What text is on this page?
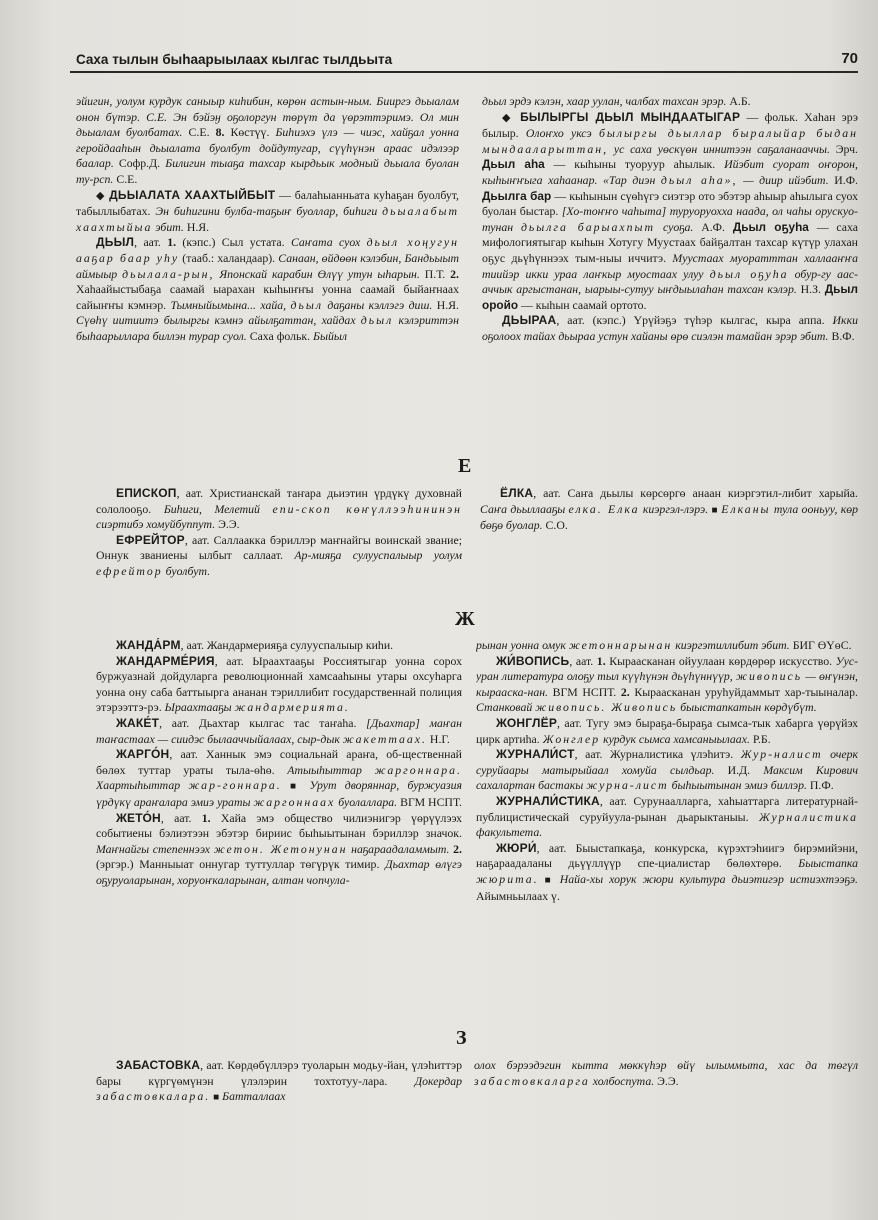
Саха тылын быһаарыылаах кылгас тылдьыта	70

эйигин, уолум курдук саныыр киһибин, көрөн астын-ным. Бииргэ дьыалам онон бүтэр. С.Е. Эн бэйэӈ оҕолоргун төрүт да үөрэттэримэ. Ол мин дьыалам буолбатах. С.Е. 8. Көстүү. Биһиэхэ үлэ — чиэс, хайҕал уонна геройдааһын дьыалата буолбут дойдутугар, сүүһүнэн араас идэлээр баалар. Софр.Д. Билигин тыаҕа тахсар кырдьык модный дьыала буолан ту-рсп. С.Е.

◆ ДЬЫАЛАТА ХААХТЫЙБЫТ — балаһыанньата куһаҕан буолбут, табыллыбатах. Эн биһигини булба-таҕыҥ буоллар, биһиги дьыалабыт хаахтыйыа эбит. Н.Я.

ДЬЫЛ, аат. 1. (кэпс.) Сыл устата. Саҥата суох дьыл хоңугун ааҕар баар уһу (тааб.: халандаар). Санаан, өйдөөн кэлэбин, Бандьыыт аймыыр дьылала-рын, Японскай карабин Өлүү утун ыһарын. П.Т. 2. Хаһаайыстыбаҕа саамай ыарахан кыһыҥҥы уонна саамай быйаҥнаах сайыҥҥы кэмнэр. Тымныйымына... хайа, дьыл даҕаны кэллэгэ диш. Н.Я. Сүөһү иитиитэ былыргы кэмнэ айылҕаттан, хайдах дьыл кэлэриттэн быһаарыллара биллэн турар суол. Саха фольк. Быйыл

дьыл эрдэ кэлэн, хаар уулан, чалбах тахсан эрэр. А.Б.

◆ БЫЛЫРГЫ ДЬЫЛ МЫНДААТЫГАР — фольк. Хаһан эрэ былыр. Олоҥхо уксэ былыргы дьыллар быралыйар быдан мындааларыттан, ус саха уөскүөн иннитээн саҕаланааччы. Эрч. Дьыл аһа — кыһыны туоруур аһылык. Ийэбит суорат оҥорон, кыһыҥҥыга хаһаанар. «Тар диэн дьыл аһа», — диир ийэбит. И.Ф. Дьылга бар — кыһынын сүөһүгэ сиэтэр ото эбэтэр аһыыр аһылыга суох буолан быстар. [Хо-тоҥҥо чаһыта] туруоруохха наада, ол чаһы орускуо-тунан дьылга барыахпыт суоҕа. А.Ф. Дьыл оҕуһа — саха мифологиятыгар кыһын Хотугу Муустаах байҕалтан тахсар күтүр улахан оҕус дьүһүннээх тым-ныы иччитэ. Муустаах муоратттан халлааҥҥа тиийэр икки ураа лаҥкыр муостаах улуу дьыл оҕуһа обур-гу аас-аччык аргыстанан, ыарыы-сутуу ыҥдыылаһан тахсан кэлэр. Н.З. Дьыл оройо — кыһын саамай ортото.

ДЬЫРАА, аат. (кэпс.) Үрүйэҕэ түһэр кылгас, кыра аппа. Икки оҕолоох тайах дьыраа устун хайаны өрө сиэлэн тамайан эрэр эбит. В.Ф.

Е

ЕПИСКОП, аат. Христианскай таҥара дьиэтин үрдүкү духовнай сололооҕо. Биһиги, Мелетий епи-скоп көҥүллээһининэн сиэртибэ хомуйбуппут. Э.Э.

ЕФРЕЙТОР, аат. Саллааккa бэриллэр маҥнайгы воинскай звание; Оннук званиены ылбыт саллаат. Ар-мияҕа сулууспалыыр уолум ефрейтор буолбут.

ЁЛКА, аат. Саҥа дьылы көрсөргө анаан киэргэтил-либит харыйа. Саҥа дьыллааҕы елка. Елка киэргэл-лэрэ. ■ Елканы тула ооньуу, көр бөҕө буолар. С.О.

Ж

ЖАНДА́РМ, аат. Жандармерияҕа сулууспалыыр киһи.

ЖАНДАРМЕ́РИЯ, аат. Ыраахтааҕы Россиятыгар уонна сорох буржуазнай дойдуларга революционнай хамсааһыны утары охсуһарга уонна ону саба баттыырга ананан тэриллибит государственнай полиция этэрээттэ-рэ. Ыраахтааҕы жандармерията.

ЖАКЕ́Т, аат. Дьахтар кылгас тас таҥаһа. [Дьахтар] маҥан таҥастаах — сиидэс былааччыйалаах, сыр-дык жакеттаах. Н.Г.

ЖАРГО́Н, аат. Ханнык эмэ социальнай араҥа, об-щественнай бөлөх туттар ураты тыла-өһө. Атыыһыттар жаргоннара. Хаартыһыттар жар-гоннара. ■ Урут дворяннар, буржуазия үрдүкү араҥалара эмиэ ураты жаргоннаах буолаллара. ВГМ НСПТ.

ЖЕТО́Н, аат. 1. Хайа эмэ общество чилиэнигэр үөрүүлээх событиены бэлиэтээн эбэтэр бириис быһыытынан бэриллэр значок. Маҥнайгы степеннээх жетон. Жетонунан наҕараадаламмыт. 2. (эргэр.) Манныыат оннугар туттуллар төгүрүк тимир. Дьахтар өлүгэ оҕуруоларынан, хоруоҥкаларынан, алтан чопчула-

рынан уонна омук жетоннарынан киэргэтиллибит эбит. БИГ ӨҮөС.

ЖИ́ВОПИСЬ, аат. 1. Кыраасканан ойуулаан көрдөрөр искусство. Уус-уран литература олоҕу тыл күүһүнэн дьүһүннүүр, живопись — өҥүнэн, кырааска-нан. ВГМ НСПТ. 2. Кыраасканан уруһуйдаммыт хар-тыыналар. Станковай живопись. Живопись быыстапкатын көрдүбүт.

ЖОНГЛЁР, аат. Тугу эмэ быраҕа-быраҕа сымса-тык хабарга үөрүйэх цирк артиһа. Жонглер курдук сымса хамсаныылаах. Р.Б.

ЖУРНАЛИ́СТ, аат. Журналистика үлэһитэ. Жур-налист очерк суруйаары матырыйаал хомуйа сылдьар. И.Д. Максим Кирович сахалартан бастакы журна-лист быһыытынан эмиэ биллэр. П.Ф.

ЖУРНАЛИ́СТИКА, аат. Сурунаалларга, хаһыаттарга литературнай-публицистическай суруйуула-рынан дьарыктаныы. Журналистика факультета.

ЖЮРИ́, аат. Быыстапкаҕа, конкурска, күрэхтэһиигэ бирэмийэни, наҕараадаланы дьүүллүүр спе-циалистар бөлөхтөрө. Быыстапка жюрита. ■ Найа-хы хорук жюри культура дьиэтигэр истиэхтээҕэ. Айымньылаах ү.

З

ЗАБАСТОВКА, аат. Көрдөбүллэрэ туоларын модьу-йан, үлэһиттэр бары күргүөмүнэн үлэлэрин тохтотуу-лара. Докердар забастовкалара. ■ Батталлаах

олох бэрээдэгин кытта мөккүһэр өйү ылыммыта, хас да төгүл забастовкаларга холбоспута. Э.Э.
